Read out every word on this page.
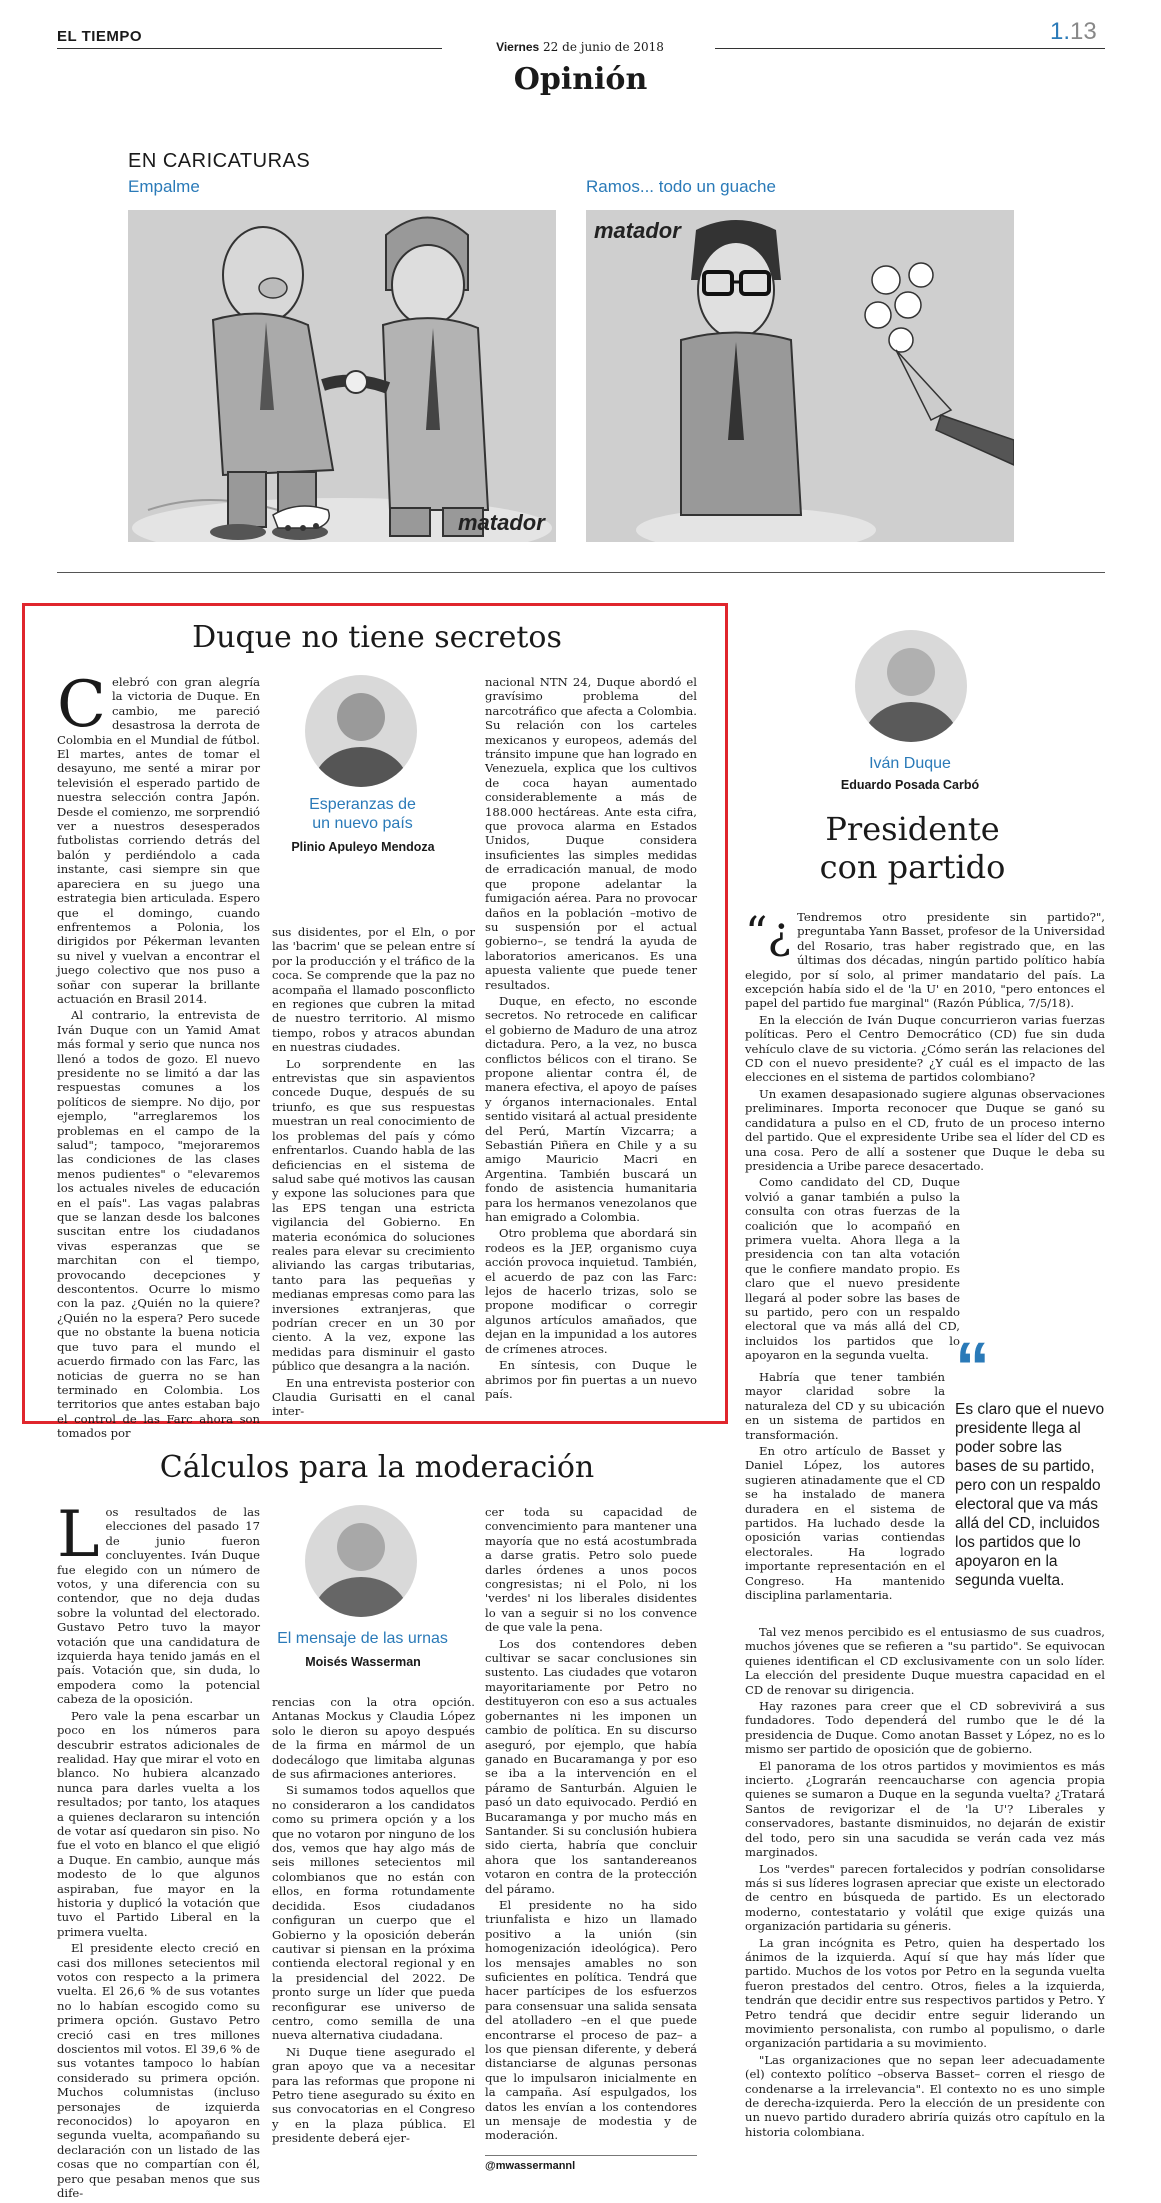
EL TIEMPO
Viernes 22 de junio de 2018
1.13
Opinión
EN CARICATURAS
Empalme	Ramos... todo un guache
matador
matador
Duque no tiene secretos
C elebró con gran alegría la victoria de Duque. En cambio, me pareció desastrosa la derrota de Colombia en el Mundial de fútbol. El martes, antes de tomar el desayuno, me senté a mirar por televisión el esperado partido de nuestra selección contra Japón. Desde el comienzo, me sorprendió ver a nuestros desesperados futbolistas corriendo detrás del balón y perdiéndolo a cada instante, casi siempre sin que apareciera en su juego una estrategia bien articulada. Espero que el domingo, cuando enfrentemos a Polonia, los dirigidos por Pékerman levanten su nivel y vuelvan a encontrar el juego colectivo que nos puso a soñar con superar la brillante actuación en Brasil 2014.

Al contrario, la entrevista de Iván Duque con un Yamid Amat más formal y serio que nunca nos llenó a todos de gozo. El nuevo presidente no se limitó a dar las respuestas comunes a los políticos de siempre. No dijo, por ejemplo, "arreglaremos los problemas en el campo de la salud"; tampoco, "mejoraremos las condiciones de las clases menos pudientes" o "elevaremos los actuales niveles de educación en el país". Las vagas palabras que se lanzan desde los balcones suscitan entre los ciudadanos vivas esperanzas que se marchitan con el tiempo, provocando decepciones y descontentos. Ocurre lo mismo con la paz. ¿Quién no la quiere? ¿Quién no la espera? Pero sucede que no obstante la buena noticia que tuvo para el mundo el acuerdo firmado con las Farc, las noticias de guerra no se han terminado en Colombia. Los territorios que antes estaban bajo el control de las Farc ahora son tomados por

Esperanzas de un nuevo país
Plinio Apuleyo Mendoza

sus disidentes, por el Eln, o por las 'bacrim' que se pelean entre sí por la producción y el tráfico de la coca. Se comprende que la paz no acompaña el llamado posconflicto en regiones que cubren la mitad de nuestro territorio. Al mismo tiempo, robos y atracos abundan en nuestras ciudades.

Lo sorprendente en las entrevistas que sin aspavientos concede Duque, después de su triunfo, es que sus respuestas muestran un real conocimiento de los problemas del país y cómo enfrentarlos. Cuando habla de las deficiencias en el sistema de salud sabe qué motivos las causan y expone las soluciones para que las EPS tengan una estricta vigilancia del Gobierno. En materia económica do soluciones reales para elevar su crecimiento aliviando las cargas tributarias, tanto para las pequeñas y medianas empresas como para las inversiones extranjeras, que podrían crecer en un 30 por ciento. A la vez, expone las medidas para disminuir el gasto público que desangra a la nación.

En una entrevista posterior con Claudia Gurisatti en el canal inter-

nacional NTN 24, Duque abordó el gravísimo problema del narcotráfico que afecta a Colombia. Su relación con los carteles mexicanos y europeos, además del tránsito impune que han logrado en Venezuela, explica que los cultivos de coca hayan aumentado considerablemente a más de 188.000 hectáreas. Ante esta cifra, que provoca alarma en Estados Unidos, Duque considera insuficientes las simples medidas de erradicación manual, de modo que propone adelantar la fumigación aérea. Para no provocar daños en la población –motivo de su suspensión por el actual gobierno–, se tendrá la ayuda de laboratorios americanos. Es una apuesta valiente que puede tener resultados.

Duque, en efecto, no esconde secretos. No retrocede en calificar el gobierno de Maduro de una atroz dictadura. Pero, a la vez, no busca conflictos bélicos con el tirano. Se propone alientar contra él, de manera efectiva, el apoyo de países y órganos internacionales. Ental sentido visitará al actual presidente del Perú, Martín Vizcarra; a Sebastián Piñera en Chile y a su amigo Mauricio Macri en Argentina. También buscará un fondo de asistencia humanitaria para los hermanos venezolanos que han emigrado a Colombia.

Otro problema que abordará sin rodeos es la JEP, organismo cuya acción provoca inquietud. También, el acuerdo de paz con las Farc: lejos de hacerlo trizas, solo se propone modificar o corregir algunos artículos amañados, que dejan en la impunidad a los autores de crímenes atroces.

En síntesis, con Duque le abrimos por fin puertas a un nuevo país.

Cálculos para la moderación
L os resultados de las elecciones del pasado 17 de junio fueron concluyentes. Iván Duque fue elegido con un número de votos, y una diferencia con su contendor, que no deja dudas sobre la voluntad del electorado. Gustavo Petro tuvo la mayor votación que una candidatura de izquierda haya tenido jamás en el país. Votación que, sin duda, lo empodera como la potencial cabeza de la oposición.

Pero vale la pena escarbar un poco en los números para descubrir estratos adicionales de realidad. Hay que mirar el voto en blanco. No hubiera alcanzado nunca para darles vuelta a los resultados; por tanto, los ataques a quienes declararon su intención de votar así quedaron sin piso. No fue el voto en blanco el que eligió a Duque. En cambio, aunque más modesto de lo que algunos aspiraban, fue mayor en la historia y duplicó la votación que tuvo el Partido Liberal en la primera vuelta.

El presidente electo creció en casi dos millones setecientos mil votos con respecto a la primera vuelta. El 26,6 % de sus votantes no lo habían escogido como su primera opción. Gustavo Petro creció casi en tres millones doscientos mil votos. El 39,6 % de sus votantes tampoco lo habían considerado su primera opción. Muchos columnistas (incluso personajes de izquierda reconocidos) lo apoyaron en segunda vuelta, acompañando su declaración con un listado de las cosas que no compartían con él, pero que pesaban menos que sus dife-

El mensaje de las urnas
Moisés Wasserman

rencias con la otra opción. Antanas Mockus y Claudia López solo le dieron su apoyo después de la firma en mármol de un dodecálogo que limitaba algunas de sus afirmaciones anteriores.

Si sumamos todos aquellos que no consideraron a los candidatos como su primera opción y a los que no votaron por ninguno de los dos, vemos que hay algo más de seis millones setecientos mil colombianos que no están con ellos, en forma rotundamente decidida. Esos ciudadanos configuran un cuerpo que el Gobierno y la oposición deberán cautivar si piensan en la próxima contienda electoral regional y en la presidencial del 2022. De pronto surge un líder que pueda reconfigurar ese universo de centro, como semilla de una nueva alternativa ciudadana.

Ni Duque tiene asegurado el gran apoyo que va a necesitar para las reformas que propone ni Petro tiene asegurado su éxito en sus convocatorias en el Congreso y en la plaza pública. El presidente deberá ejer-

cer toda su capacidad de convencimiento para mantener una mayoría que no está acostumbrada a darse gratis. Petro solo puede darles órdenes a unos pocos congresistas; ni el Polo, ni los 'verdes' ni los liberales disidentes lo van a seguir si no los convence de que vale la pena.

Los dos contendores deben cultivar se sacar conclusiones sin sustento. Las ciudades que votaron mayoritariamente por Petro no destituyeron con eso a sus actuales gobernantes ni les imponen un cambio de política. En su discurso aseguró, por ejemplo, que había ganado en Bucaramanga y por eso se iba a la intervención en el páramo de Santurbán. Alguien le pasó un dato equivocado. Perdió en Bucaramanga y por mucho más en Santander. Si su conclusión hubiera sido cierta, habría que concluir ahora que los santandereanos votaron en contra de la protección del páramo.

El presidente no ha sido triunfalista e hizo un llamado positivo a la unión (sin homogenización ideológica). Pero los mensajes amables no son suficientes en política. Tendrá que hacer partícipes de los esfuerzos para consensuar una salida sensata del atolladero –en el que puede encontrarse el proceso de paz– a los que piensan diferente, y deberá distanciarse de algunas personas que lo impulsaron inicialmente en la campaña. Así espulgados, los datos les envían a los contendores un mensaje de modestia y de moderación.

@mwassermannl
Iván Duque
Eduardo Posada Carbó
Presidente
con partido
“¿ Tendremos otro presidente sin partido?", preguntaba Yann Basset, profesor de la Universidad del Rosario, tras haber registrado que, en las últimas dos décadas, ningún partido político había elegido, por sí solo, al primer mandatario del país. La excepción había sido el de 'la U' en 2010, "pero entonces el papel del partido fue marginal" (Razón Pública, 7/5/18).

En la elección de Iván Duque concurrieron varias fuerzas políticas. Pero el Centro Democrático (CD) fue sin duda vehículo clave de su victoria. ¿Cómo serán las relaciones del CD con el nuevo presidente? ¿Y cuál es el impacto de las elecciones en el sistema de partidos colombiano?

Un examen desapasionado sugiere algunas observaciones preliminares. Importa reconocer que Duque se ganó su candidatura a pulso en el CD, fruto de un proceso interno del partido. Que el expresidente Uribe sea el líder del CD es una cosa. Pero de allí a sostener que Duque le deba su presidencia a Uribe parece desacertado.

Como candidato del CD, Duque volvió a ganar también a pulso la consulta con otras fuerzas de la coalición que lo acompañó en primera vuelta. Ahora llega a la presidencia con tan alta votación que le confiere mandato propio. Es claro que el nuevo presidente llegará al poder sobre las bases de su partido, pero con un respaldo electoral que va más allá del CD, incluidos los partidos que lo apoyaron en la segunda vuelta.

Habría que tener también mayor claridad sobre la naturaleza del CD y su ubicación en un sistema de partidos en transformación.

En otro artículo de Basset y Daniel López, los autores sugieren atinadamente que el CD se ha instalado de manera duradera en el sistema de partidos. Ha luchado desde la oposición varias contiendas electorales. Ha logrado importante representación en el Congreso. Ha mantenido disciplina parlamentaria.

“
Es claro que el nuevo presidente llega al poder sobre las bases de su partido, pero con un respaldo electoral que va más allá del CD, incluidos los partidos que lo apoyaron en la segunda vuelta.

Tal vez menos percibido es el entusiasmo de sus cuadros, muchos jóvenes que se refieren a "su partido". Se equivocan quienes identifican el CD exclusivamente con un solo líder. La elección del presidente Duque muestra capacidad en el CD de renovar su dirigencia.

Hay razones para creer que el CD sobrevivirá a sus fundadores. Todo dependerá del rumbo que le dé la presidencia de Duque. Como anotan Basset y López, no es lo mismo ser partido de oposición que de gobierno.

El panorama de los otros partidos y movimientos es más incierto. ¿Lograrán reencaucharse con agencia propia quienes se sumaron a Duque en la segunda vuelta? ¿Tratará Santos de revigorizar el de 'la U'? Liberales y conservadores, bastante disminuidos, no dejarán de existir del todo, pero sin una sacudida se verán cada vez más marginados.

Los "verdes" parecen fortalecidos y podrían consolidarse más si sus líderes lograsen apreciar que existe un electorado de centro en búsqueda de partido. Es un electorado moderno, contestatario y volátil que exige quizás una organización partidaria su géneris.

La gran incógnita es Petro, quien ha despertado los ánimos de la izquierda. Aquí sí que hay más líder que partido. Muchos de los votos por Petro en la segunda vuelta fueron prestados del centro. Otros, fieles a la izquierda, tendrán que decidir entre sus respectivos partidos y Petro. Y Petro tendrá que decidir entre seguir liderando un movimiento personalista, con rumbo al populismo, o darle organización partidaria a su movimiento.

"Las organizaciones que no sepan leer adecuadamente (el) contexto político –observa Basset– corren el riesgo de condenarse a la irrelevancia". El contexto no es uno simple de derecha-izquierda. Pero la elección de un presidente con un nuevo partido duradero abriría quizás otro capítulo en la historia colombiana.
